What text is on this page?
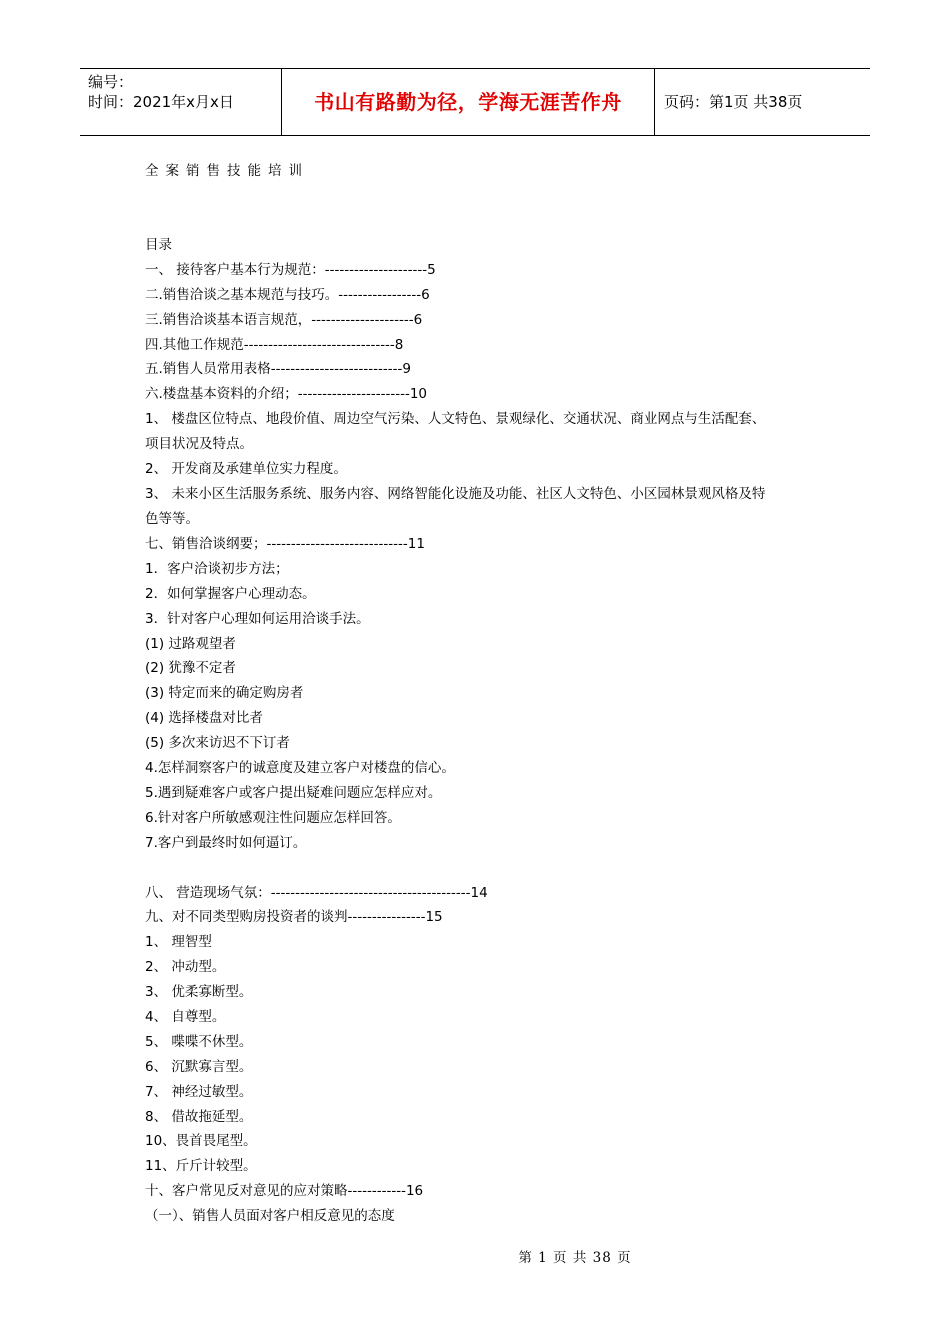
编号：
时间：2021年x月x日	书山有路勤为径，学海无涯苦作舟	页码：第1页 共38页
全案销售技能培训
目录
一、 接待客户基本行为规范：---------------------5
二.销售洽谈之基本规范与技巧。-----------------6
三.销售洽谈基本语言规范，---------------------6
四.其他工作规范-------------------------------8
五.销售人员常用表格---------------------------9
六.楼盘基本资料的介绍；-----------------------10
1、 楼盘区位特点、地段价值、周边空气污染、人文特色、景观绿化、交通状况、商业网点与生活配套、
项目状况及特点。
2、 开发商及承建单位实力程度。
3、 未来小区生活服务系统、服务内容、网络智能化设施及功能、社区人文特色、小区园林景观风格及特
色等等。
七、销售洽谈纲要；-----------------------------11
1．客户洽谈初步方法；
2．如何掌握客户心理动态。
3．针对客户心理如何运用洽谈手法。
(1) 过路观望者
(2) 犹豫不定者
(3) 特定而来的确定购房者
(4) 选择楼盘对比者
(5) 多次来访迟不下订者
4.怎样洞察客户的诚意度及建立客户对楼盘的信心。
5.遇到疑难客户或客户提出疑难问题应怎样应对。
6.针对客户所敏感观注性问题应怎样回答。
7.客户到最终时如何逼订。
八、 营造现场气氛：-----------------------------------------14
九、对不同类型购房投资者的谈判----------------15
1、 理智型
2、 冲动型。
3、 优柔寡断型。
4、 自尊型。
5、 喋喋不休型。
6、 沉默寡言型。
7、 神经过敏型。
8、 借故拖延型。
10、畏首畏尾型。
11、斤斤计较型。
十、客户常见反对意见的应对策略------------16
（一）、销售人员面对客户相反意见的态度
第 1 页 共 38 页
